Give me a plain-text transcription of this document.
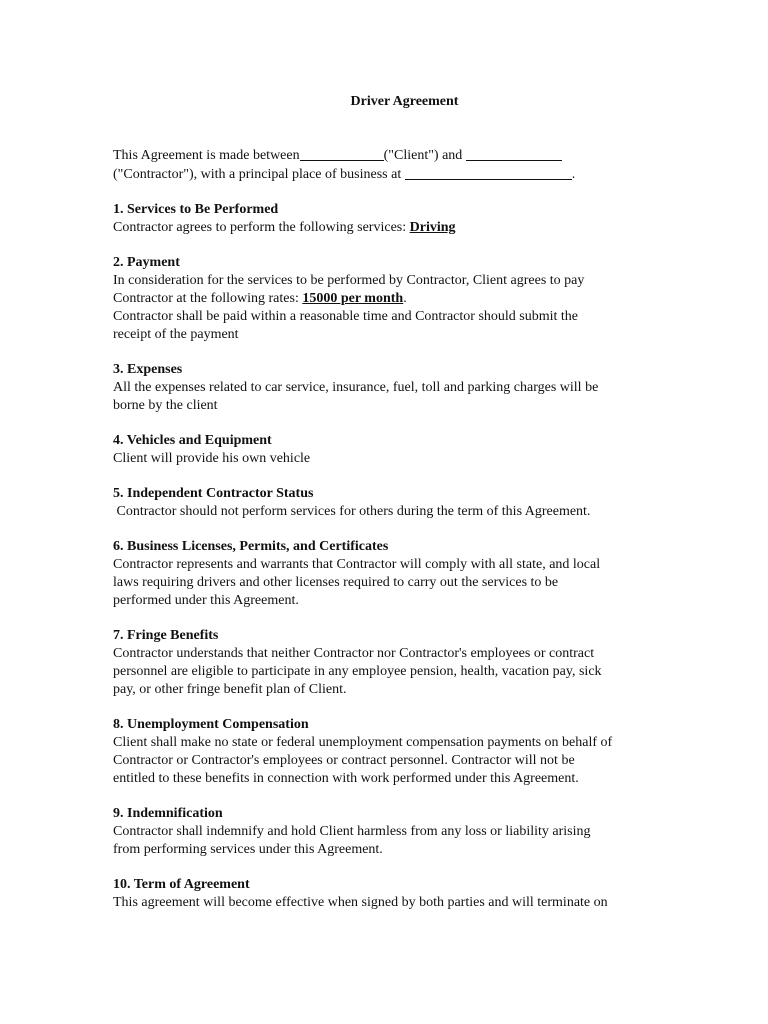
Driver Agreement
This Agreement is made between	("Client") and
("Contractor"), with a principal place of business at	.
1. Services to Be Performed
Contractor agrees to perform the following services: Driving
2. Payment
In consideration for the services to be performed by Contractor, Client agrees to pay
Contractor at the following rates: 15000 per month.
Contractor shall be paid within a reasonable time and Contractor should submit the
receipt of the payment
3. Expenses
All the expenses related to car service, insurance, fuel, toll and parking charges will be
borne by the client
4. Vehicles and Equipment
Client will provide his own vehicle
5. Independent Contractor Status
Contractor should not perform services for others during the term of this Agreement.
6. Business Licenses, Permits, and Certificates
Contractor represents and warrants that Contractor will comply with all state, and local
laws requiring drivers and other licenses required to carry out the services to be
performed under this Agreement.
7. Fringe Benefits
Contractor understands that neither Contractor nor Contractor's employees or contract
personnel are eligible to participate in any employee pension, health, vacation pay, sick
pay, or other fringe benefit plan of Client.
8. Unemployment Compensation
Client shall make no state or federal unemployment compensation payments on behalf of
Contractor or Contractor's employees or contract personnel. Contractor will not be
entitled to these benefits in connection with work performed under this Agreement.
9. Indemnification
Contractor shall indemnify and hold Client harmless from any loss or liability arising
from performing services under this Agreement.
10. Term of Agreement
This agreement will become effective when signed by both parties and will terminate on
